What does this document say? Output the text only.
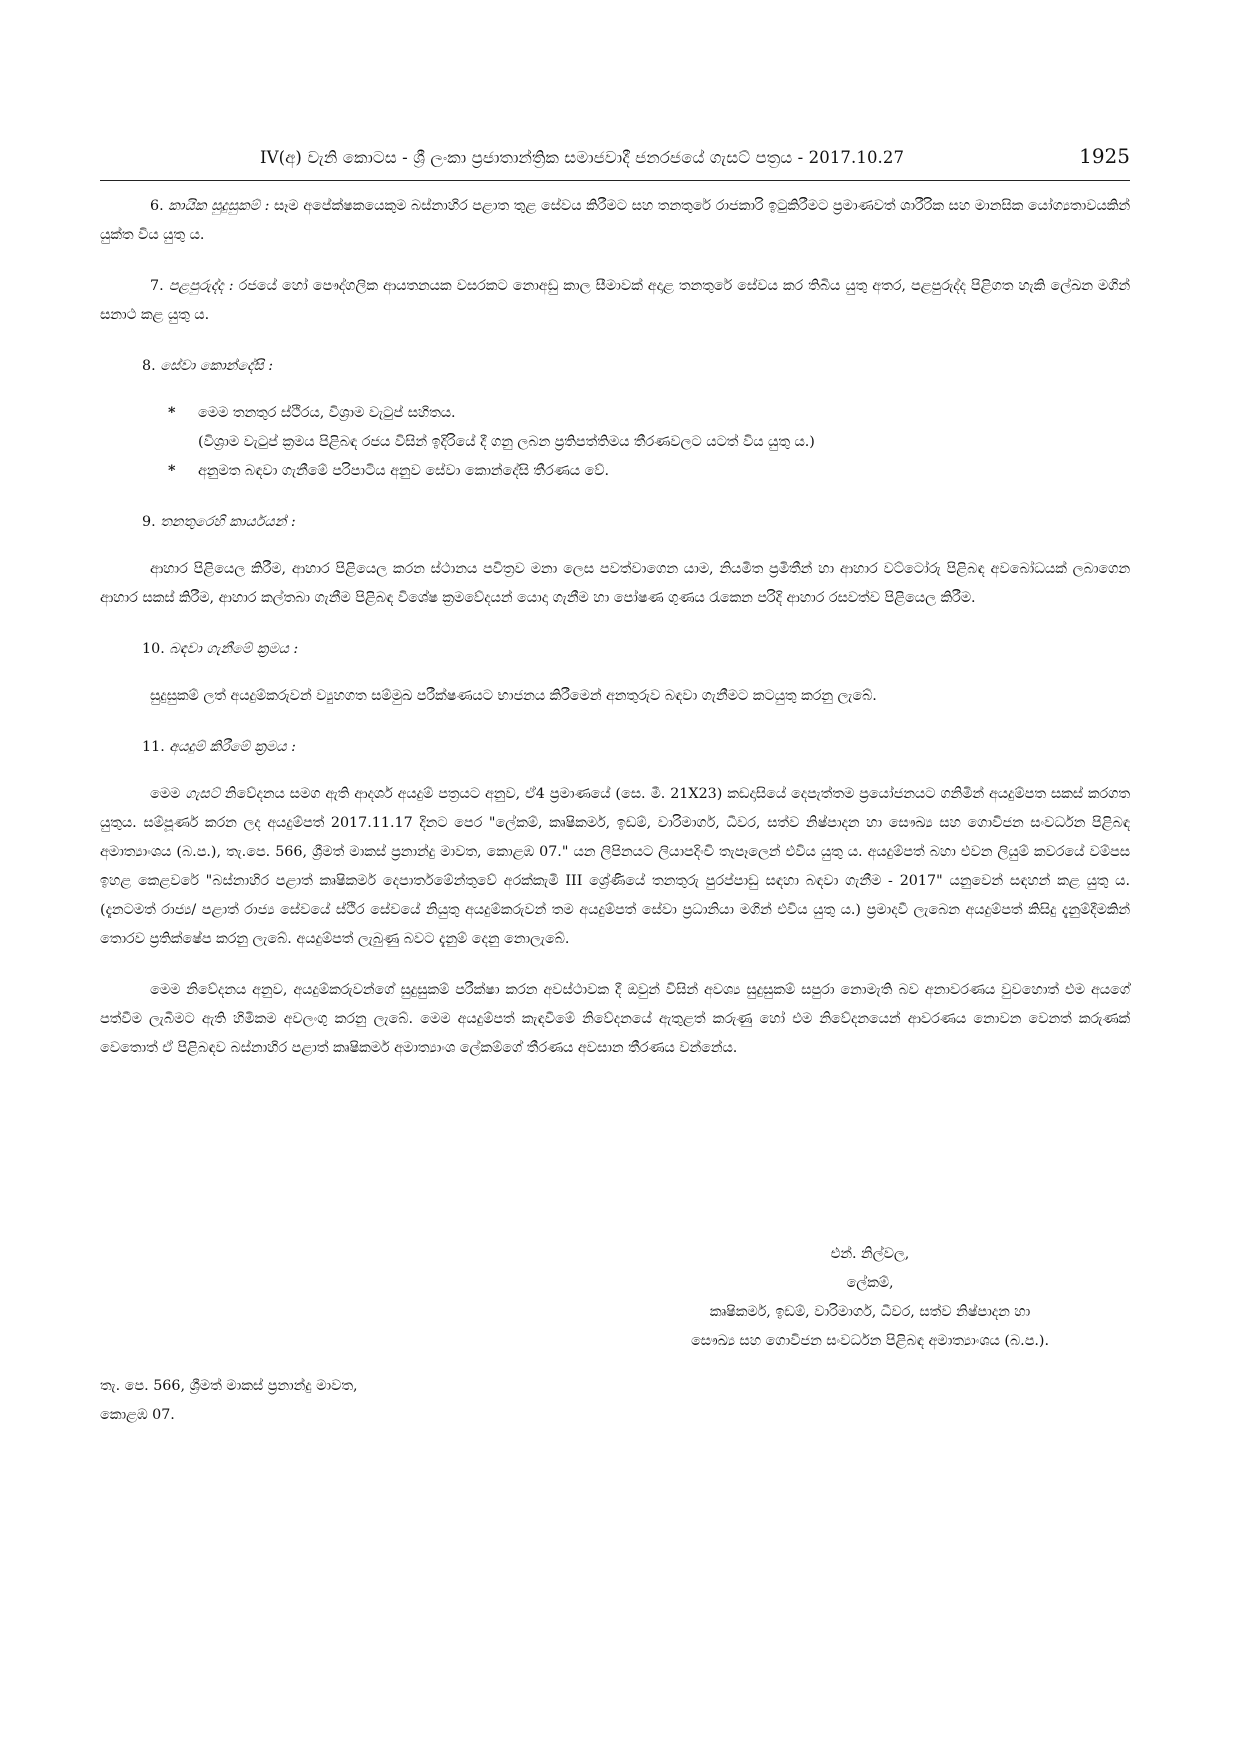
IV(අ) වැනි කොටස - ශ්‍රී ලංකා ප්‍රජාතාන්ත්‍රික සමාජවාදී ජනරජයේ ගැසට් පත්‍රය - 2017.10.27	1925

6. කායික සුදුසුකම් : සෑම අපේක්ෂකයෙකුම බස්නාහිර පළාත තුළ සේවය කිරීමට සහ තනතුරේ රාජකාරි ඉටුකිරීමට ප්‍රමාණවත් ශාරීරික සහ මානසික යෝග්‍යතාවයකින් යුක්ත විය යුතු ය.

7. පළපුරුද්ද : රජයේ හෝ පෞද්ගලික ආයතනයක වසරකට නොඅඩු කාල සීමාවක් අදාළ තනතුරේ සේවය කර තිබිය යුතු අතර, පළපුරුද්ද පිළිගත හැකි ලේඛන මගින් සනාථ කළ යුතු ය.

8. සේවා කොන්දේසි :

* මෙම තනතුර ස්ථිරය, විශ්‍රාම වැටුප් සහිතය.
(විශ්‍රාම වැටුප් ක්‍රමය පිළිබඳ රජය විසින් ඉදිරියේ දී ගනු ලබන ප්‍රතිපත්තිමය තීරණවලට යටත් විය යුතු ය.)
* අනුමත බඳවා ගැනීමේ පරිපාටිය අනුව සේවා කොන්දේසි තීරණය වේ.

9. තනතුරෙහි කාර්යයන් :

ආහාර පිළියෙල කිරීම, ආහාර පිළියෙල කරන ස්ථානය පවිත්‍රව මනා ලෙස පවත්වාගෙන යාම, නියමිත ප්‍රමිතීන් හා ආහාර වට්ටෝරු පිළිබඳ අවබෝධයක් ලබාගෙන ආහාර සකස් කිරීම, ආහාර කල්තබා ගැනීම පිළිබඳ විශේෂ ක්‍රමවේදයන් යොදා ගැනීම හා පෝෂණ ගුණය රැකෙන පරිදි ආහාර රසවත්ව පිළියෙල කිරීම.

10. බඳවා ගැනීමේ ක්‍රමය :

සුදුසුකම් ලත් අයදුම්කරුවන් ව්‍යුහගත සම්මුඛ පරීක්ෂණයට භාජනය කිරීමෙන් අනතුරුව බඳවා ගැනීමට කටයුතු කරනු ලැබේ.

11. අයදුම් කිරීමේ ක්‍රමය :

මෙම ගැසට් නිවේදනය සමග ඇති ආදර්ශ අයදුම් පත්‍රයට අනුව, ඒ4 ප්‍රමාණයේ (සෙ. මී. 21X23) කඩදාසියේ දෙපැත්තම ප්‍රයෝජනයට ගනිමින් අයදුම්පත සකස් කරගත යුතුය. සම්පූර්ණ කරන ලද අයදුම්පත් 2017.11.17 දිනට පෙර "ලේකම්, කෘෂිකර්ම, ඉඩම්, වාරිමාර්ග, ධීවර, සත්ව නිෂ්පාදන හා සෞඛ්‍ය සහ ගොවිජන සංවර්ධන පිළිබඳ අමාත්‍යාංශය (බ.ප.), තැ.පෙ. 566, ශ්‍රීමත් මාකස් ප්‍රනාන්දු මාවත, කොළඹ 07." යන ලිපිනයට ලියාපදිංචි තැපෑලෙන් එවිය යුතු ය. අයදුම්පත් බහා එවන ලියුම් කවරයේ වම්පස ඉහළ කෙළවරේ "බස්නාහිර පළාත් කෘෂිකර්ම දෙපාර්තමේන්තුවේ අරක්කැමි III ශ්‍රේණියේ තනතුරු පුරප්පාඩු සඳහා බඳවා ගැනීම - 2017" යනුවෙන් සඳහන් කළ යුතු ය. (දැනටමත් රාජ්‍ය/ පළාත් රාජ්‍ය සේවයේ ස්ථිර සේවයේ නියුතු අයදුම්කරුවන් තම අයදුම්පත් සේවා ප්‍රධානියා මගින් එවිය යුතු ය.) ප්‍රමාදවී ලැබෙන අයදුම්පත් කිසිදු දැනුම්දීමකින් තොරව ප්‍රතික්ෂේප කරනු ලැබේ. අයදුම්පත් ලැබුණු බවට දැනුම් දෙනු නොලැබේ.

මෙම නිවේදනය අනුව, අයදුම්කරුවන්ගේ සුදුසුකම් පරීක්ෂා කරන අවස්ථාවක දී ඔවුන් විසින් අවශ්‍ය සුදුසුකම් සපුරා නොමැති බව අනාවරණය වුවහොත් එම අයගේ පත්වීම ලැබීමට ඇති හිමිකම අවලංගු කරනු ලැබේ. මෙම අයදුම්පත් කැඳවීමේ නිවේදනයේ ඇතුළත් කරුණු හෝ එම නිවේදනයෙන් ආවරණය නොවන වෙනත් කරුණක් වෙතොත් ඒ පිළිබඳව බස්නාහිර පළාත් කෘෂිකර්ම අමාත්‍යාංශ ලේකම්ගේ තීරණය අවසාන තීරණය වන්නේය.

එන්. නිල්වල,
ලේකම්,
කෘෂිකර්ම, ඉඩම්, වාරිමාර්ග, ධීවර, සත්ව නිෂ්පාදන හා
සෞඛ්‍ය සහ ගොවිජන සංවර්ධන පිළිබඳ අමාත්‍යාංශය (බ.ප.).
තැ. පෙ. 566, ශ්‍රීමත් මාකස් ප්‍රනාන්දු මාවත,
කොළඹ 07.
